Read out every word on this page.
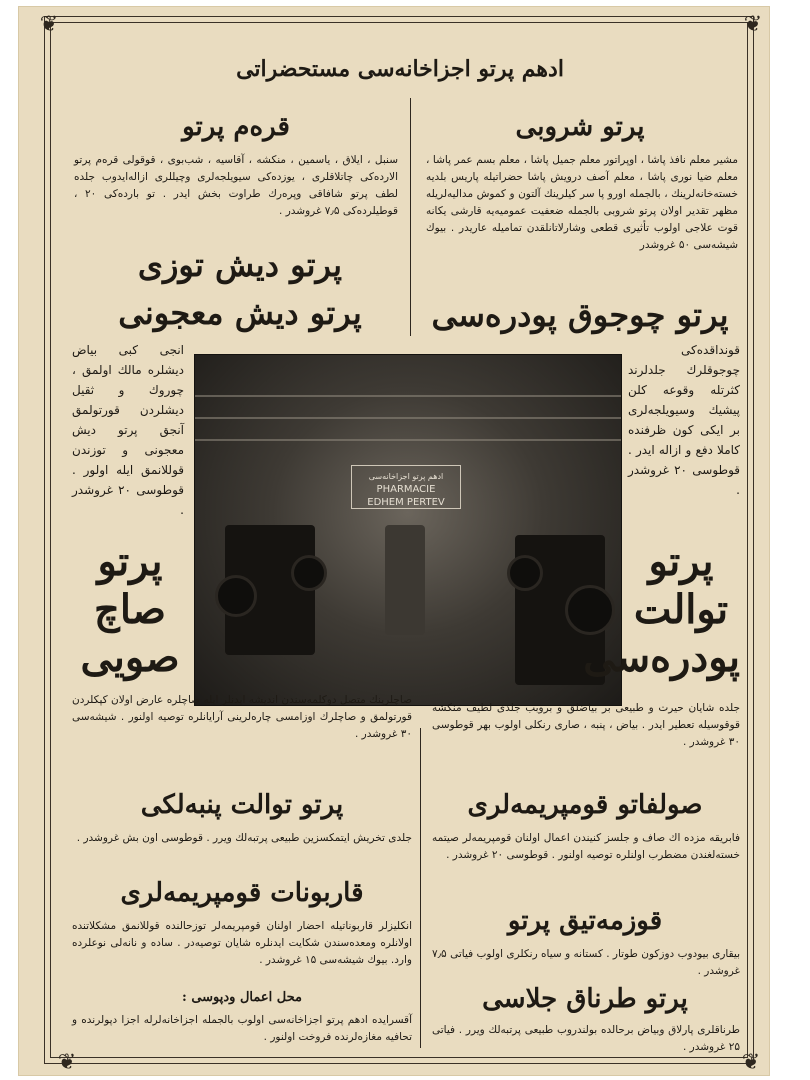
❦	❦
❦	❦
ادهم پرتو اجزاخانه‌سی مستحضراتی
پرتو شروبی

مشیر معلم نافذ پاشا ، اوپراتور معلم جمیل پاشا ، معلم بسم عمر پاشا ، معلم ضیا نوری پاشا ، معلم آصف درویش پاشا حضراتیله پاریس بلدیه خسته‌خانه‌لرینك ، بالجمله اورو پا سر کیلرینك آلتون و کموش مدالیه‌لریله مظهر تقدیر اولان پرتو شروبی بالجمله ضعفیت عمومیه‌یه قارشی یکانه قوت علاجی اولوب تأثیری قطعی وشارلاتانلقدن تماميله عاریدر . بیوك شیشه‌سی ۵۰ غروشدر

قره‌م پرتو

سنبل ، ایلاق ، یاسمین ، منکشه ، آقاسیه ، شب‌بوی ، قوقولی قره‌م پرتو الارده‌کی چاتلاقلری ، یوزده‌کی سیویلجه‌لری وچیللری ازاله‌ایدوب جلده لطف پرتو شافاقی وپره‌رك طراوت بخش ایدر . تو بارده‌کی ۲۰ ، قوطیلرده‌کی ۷٫۵ غروشدر .

پرتو دیش توزی
پرتو دیش معجونی

انجی کبی بیاض دیشلره مالك اولمق ، چوروك و ثقیل دیشلردن قورتولمق آنجق پرتو دیش معجونی و توزندن قوللانمق ایله اولور . قوطوسی ۲۰ غروشدر .

پرتو چوجوق پودره‌سی

قونداقده‌کی چوجوقلرك جلدلرند کثرتله وقوعه کلن پیشیك وسیویلجه‌لری بر ایکی کون ظرفنده کاملا دفع و ازاله ایدر . قوطوسی ۲۰ غروشدر .

ادهم پرتو اجزاخانه‌سی
PHARMACIE
EDHEM PERTEV
پرتو
صاچ
صویی

صاچلرینك متصل دوکلمه‌سندن اندیشه ایدنلر ایله صاچلره عارض اولان کپکلردن قورتولمق و صاچلرك اوزامسی چاره‌لرینی آرایانلره توصیه اولنور . شیشه‌سی ۳۰ غروشدر .

پرتو
توالت
پودره‌سی

جلده شایان حیرت و طبیعی بر بیاضلق و بروبب جلدی لطیف منکشه قوقوسیله تعطیر ایدر . بیاض ، پنبه ، صاری رنکلی اولوب بهر قوطوسی ۳۰ غروشدر .

پرتو توالت پنبه‌لکی

جلدی تخریش ایتمکسزین طبیعی پرتبه‌لك ویرر . قوطوسی اون بش غروشدر .

صولفاتو قومپریمه‌لری

فابریقه مزده اك صاف و جلسز کنیندن اعمال اولنان قومپریمه‌لر صیتمه خسته‌لغندن مضطرب اولنلره توصیه اولنور . قوطوسی ۲۰ غروشدر .

قاربونات قومپریمه‌لری

انکلیزلر قاربوناتیله احضار اولنان قومپریمه‌لر توزحالنده قوللانمق مشکلاتنده اولانلره ومعده‌سندن شکایت ایدنلره شایان توصیه‌در . ساده و نانه‌لی نوعلرده وارد. بیوك شیشه‌سی ۱۵ غروشدر .

قوزمه‌تیق پرتو

بیقاری بیودوب دوزکون طوتار . کستانه و سیاه رنکلری اولوب فیاتی ۷٫۵ غروشدر .

محل اعمال ودپوسی :

آقسرایده ادهم پرتو اجزاخانه‌سی اولوب بالجمله اجزاخانه‌لرله اجزا دپولرنده و تحافیه مغازه‌لرنده فروخت اولنور .

پرتو طرناق جلاسی

طرناقلری پارلاق وبیاض برحالده بولندروب طبیعی پرتبه‌لك ویرر . فیاتی ۲۵ غروشدر .
